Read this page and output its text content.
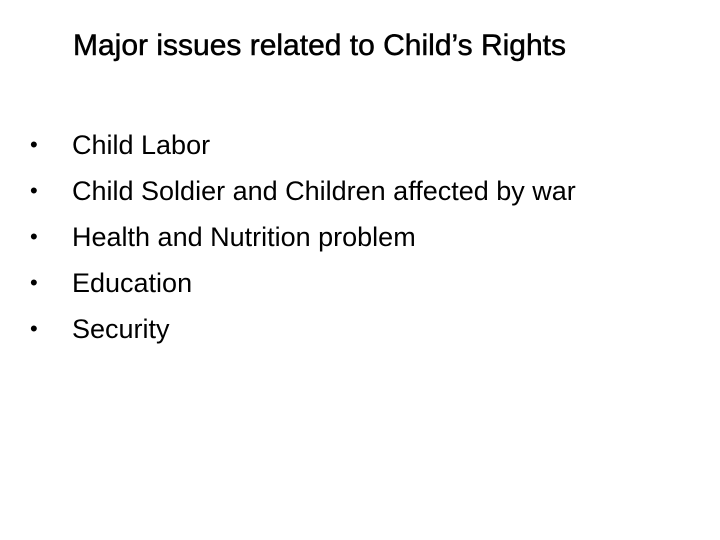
Major issues related to Child’s Rights
• Child Labor
• Child Soldier and Children affected by war
• Health and Nutrition problem
• Education
• Security
